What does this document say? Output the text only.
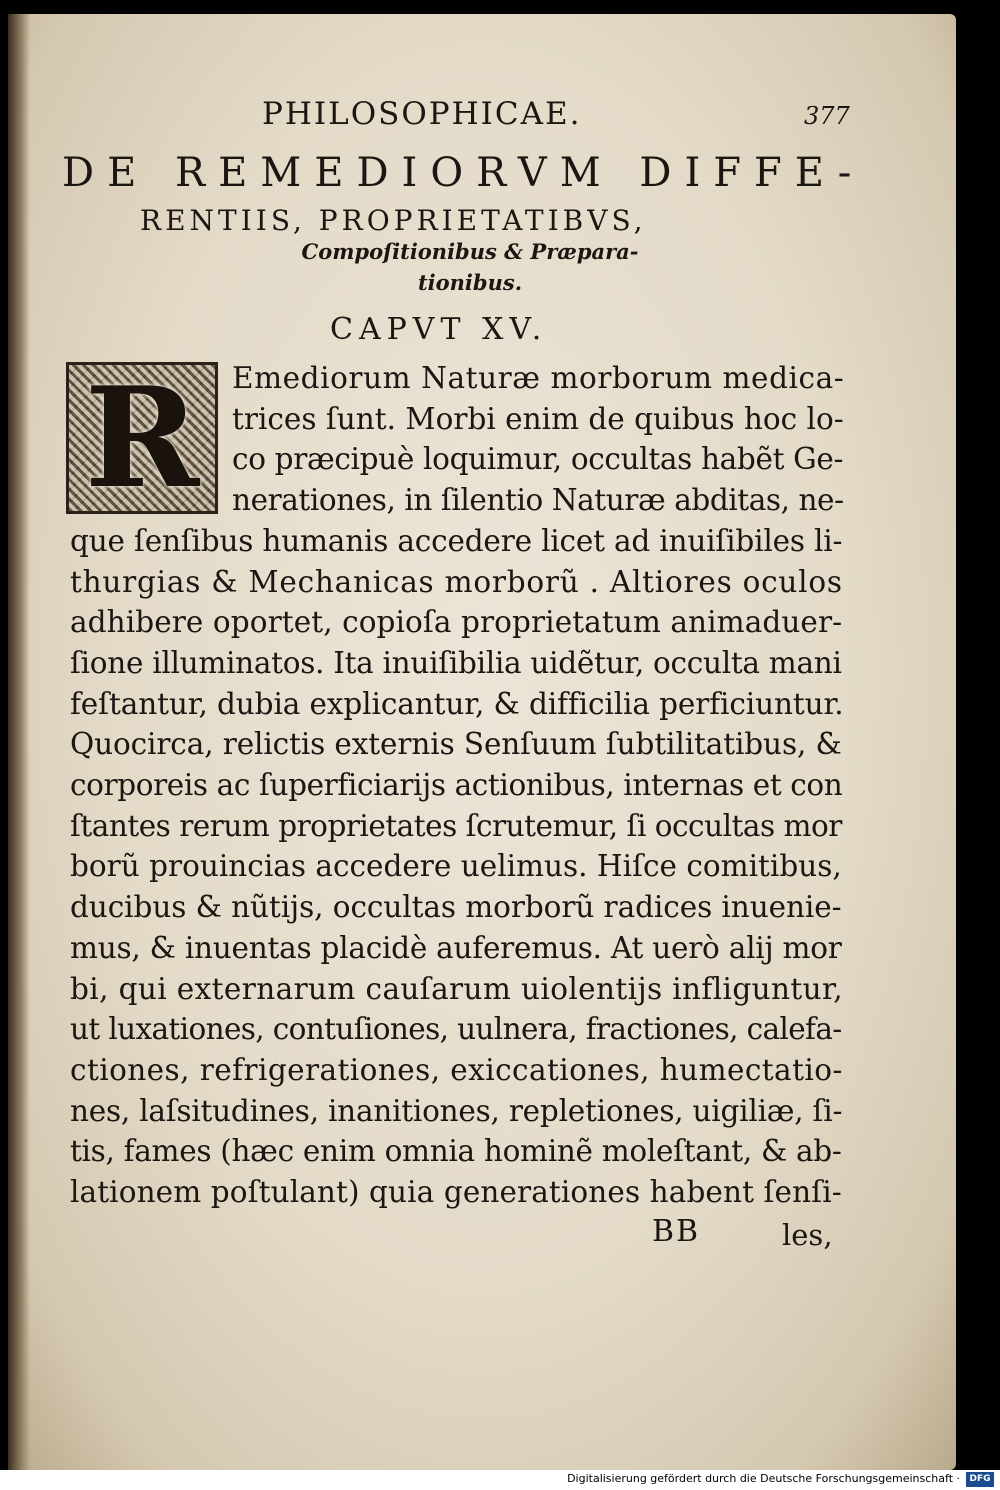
PHILOSOPHICAE.	377
DE REMEDIORVM DIFFE-
RENTIIS, PROPRIETATIBVS,
Compoſitionibus & Præpara-
tionibus.
CAPVT XV.
R	Emediorum Naturæ morborum medica-
trices ſunt. Morbi enim de quibus hoc lo-
co præcipuè loquimur, occultas habẽt Ge-
nerationes, in ſilentio Naturæ abditas, ne-
que ſenſibus humanis accedere licet ad inuiſibiles li-
thurgias & Mechanicas morborũ . Altiores oculos
adhibere oportet, copioſa proprietatum animaduer-
ſione illuminatos. Ita inuiſibilia uidẽtur, occulta mani
feſtantur, dubia explicantur, & difficilia perficiuntur.
Quocirca, relictis externis Senſuum ſubtilitatibus, &
corporeis ac ſuperficiarijs actionibus, internas et con
ſtantes rerum proprietates ſcrutemur, ſi occultas mor
borũ prouincias accedere uelimus. Hiſce comitibus,
ducibus & nũtijs, occultas morborũ radices inuenie-
mus, & inuentas placidè auferemus. At uerò alij mor
bi, qui externarum cauſarum uiolentijs infliguntur,
ut luxationes, contuſiones, uulnera, fractiones, calefa-
ctiones, refrigerationes, exiccationes, humectatio-
nes, laſsitudines, inanitiones, repletiones, uigiliæ, ſi-
tis, fames (hæc enim omnia hominẽ moleſtant, & ab-
lationem poſtulant) quia generationes habent ſenſi-
BB	les,
Digitalisierung gefördert durch die Deutsche Forschungsgemeinschaft ·	DFG
